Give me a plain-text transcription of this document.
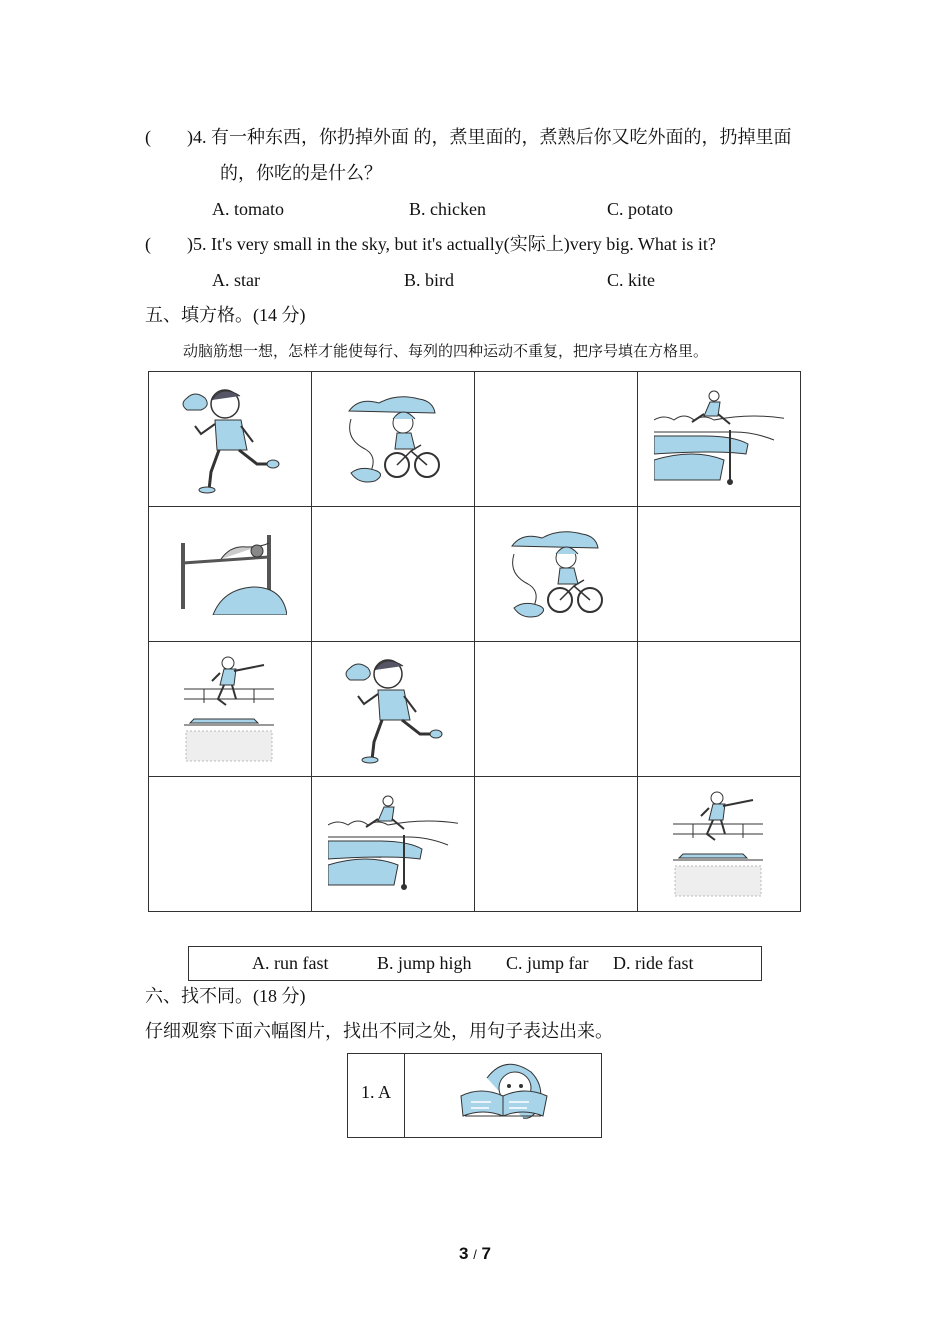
( )4. 有一种东西，你扔掉外面 的，煮里面的，煮熟后你又吃外面的，扔掉里面
的，你吃的是什么？
A. tomato	B. chicken	C. potato
( )5. It's very small in the sky, but it's actually(实际上)very big. What is it?
A. star	B. bird	C. kite
五、填方格。(14 分)
动脑筋想一想，怎样才能使每行、每列的四种运动不重复，把序号填在方格里。

A. run fast	B. jump high C. jump far D. ride fast
六、找不同。(18 分)
仔细观察下面六幅图片，找出不同之处，用句子表达出来。
1. A
3 / 7
